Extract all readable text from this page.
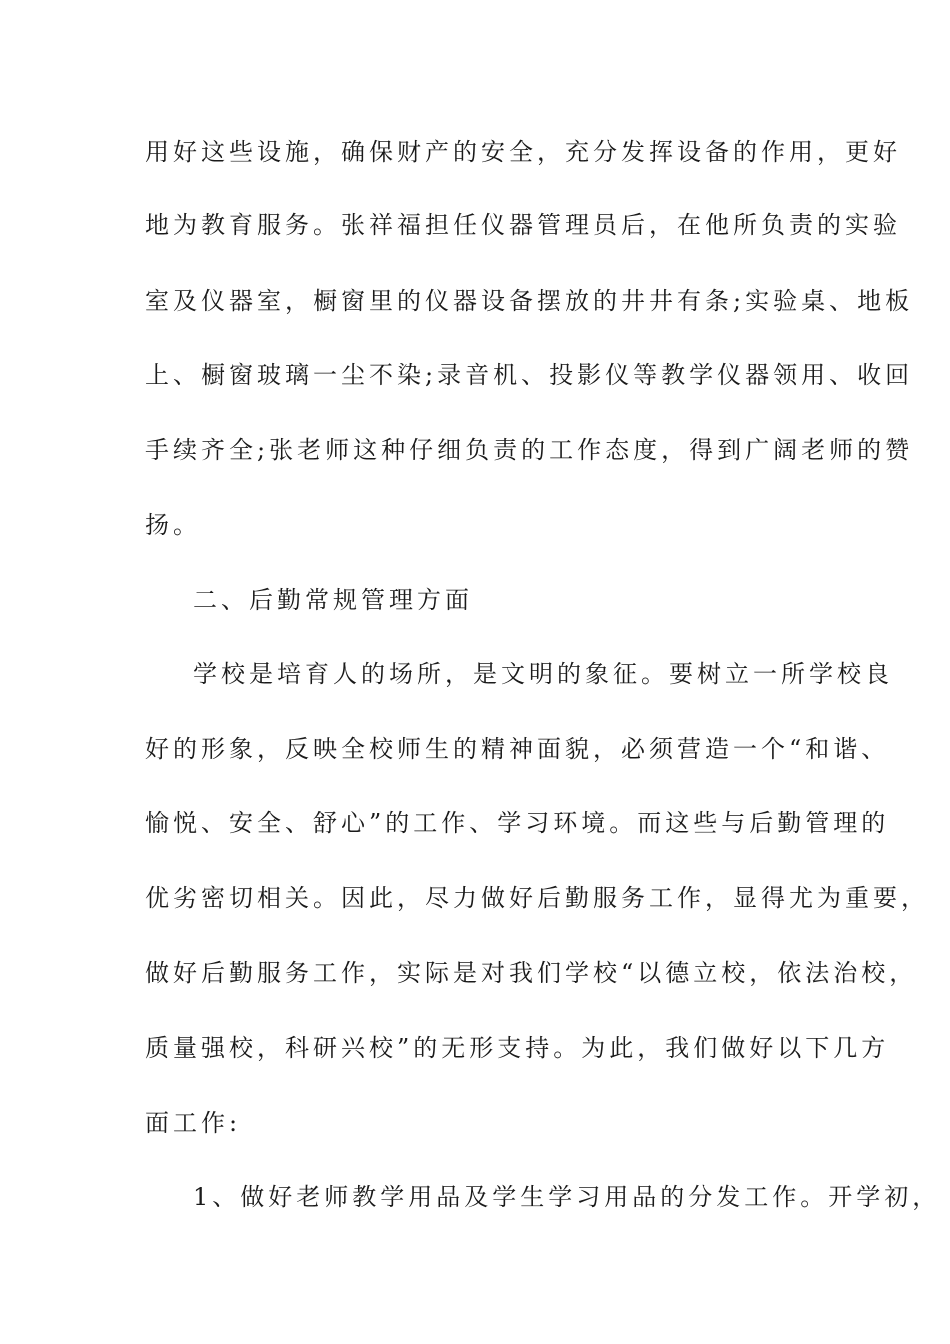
用好这些设施，确保财产的安全，充分发挥设备的作用，更好
地为教育服务。张祥福担任仪器管理员后，在他所负责的实验
室及仪器室，橱窗里的仪器设备摆放的井井有条;实验桌、地板
上、橱窗玻璃一尘不染;录音机、投影仪等教学仪器领用、收回
手续齐全;张老师这种仔细负责的工作态度，得到广阔老师的赞
扬。
二、后勤常规管理方面
学校是培育人的场所，是文明的象征。要树立一所学校良
好的形象，反映全校师生的精神面貌，必须营造一个“和谐、
愉悦、安全、舒心”的工作、学习环境。而这些与后勤管理的
优劣密切相关。因此，尽力做好后勤服务工作，显得尤为重要，
做好后勤服务工作，实际是对我们学校“以德立校，依法治校，
质量强校，科研兴校”的无形支持。为此，我们做好以下几方
面工作:
1、做好老师教学用品及学生学习用品的分发工作。开学初，
